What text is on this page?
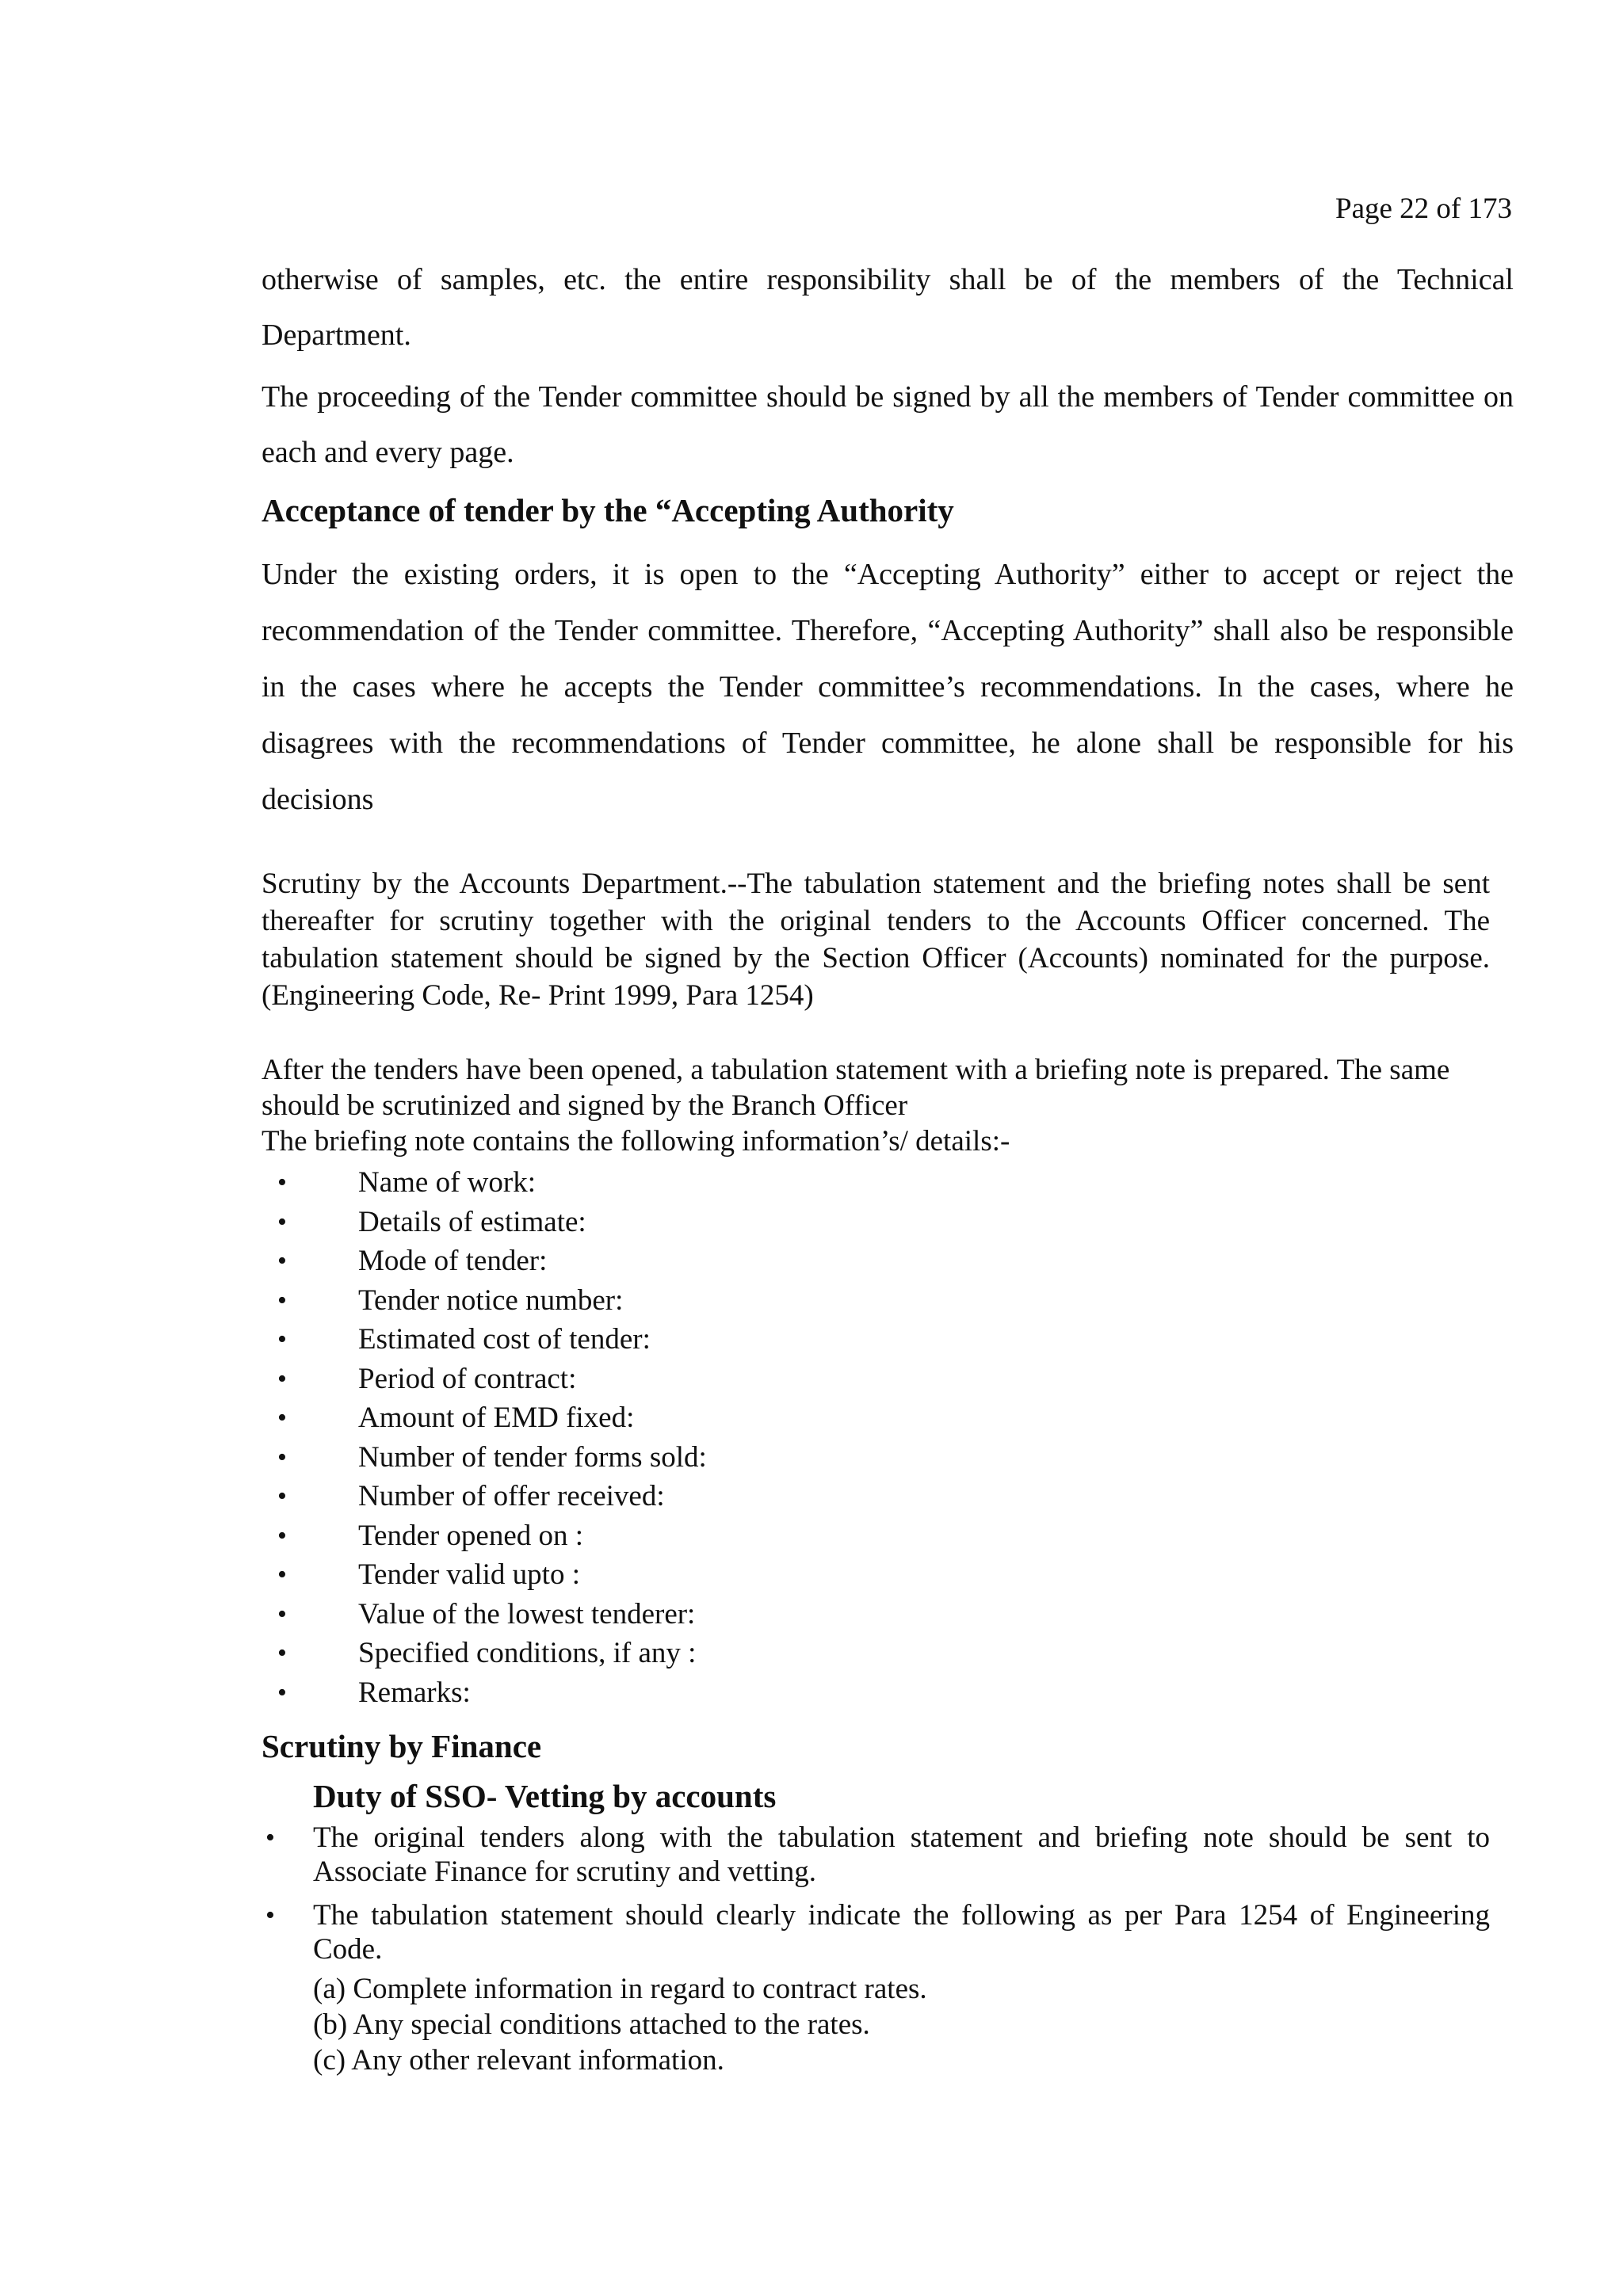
Page 22 of 173

otherwise of samples, etc. the entire responsibility shall be of the members of the Technical Department.

The proceeding of the Tender committee should be signed by all the members of Tender committee on each and every page.

Acceptance of tender by the “Accepting Authority

Under the existing orders, it is open to the “Accepting Authority” either to accept or reject the recommendation of the Tender committee. Therefore, “Accepting Authority” shall also be responsible in the cases where he accepts the Tender committee’s recommendations. In the cases, where he disagrees with the recommendations of Tender committee, he alone shall be responsible for his decisions

Scrutiny by the Accounts Department.--The tabulation statement and the briefing notes shall be sent thereafter for scrutiny together with the original tenders to the Accounts Officer concerned. The tabulation statement should be signed by the Section Officer (Accounts) nominated for the purpose. (Engineering Code, Re- Print 1999, Para 1254)

After the tenders have been opened, a tabulation statement with a briefing note is prepared. The same should be scrutinized and signed by the Branch Officer

The briefing note contains the following information’s/ details:-

• Name of work:
• Details of estimate:
• Mode of tender:
• Tender notice number:
• Estimated cost of tender:
• Period of contract:
• Amount of EMD fixed:
• Number of tender forms sold:
• Number of offer received:
• Tender opened on :
• Tender valid upto :
• Value of the lowest tenderer:
• Specified conditions, if any :
• Remarks:
Scrutiny by Finance
Duty of SSO- Vetting by accounts
• The original tenders along with the tabulation statement and briefing note should be sent to Associate Finance for scrutiny and vetting.
• The tabulation statement should clearly indicate the following as per Para 1254 of Engineering Code.
(a) Complete information in regard to contract rates.
(b) Any special conditions attached to the rates.
(c) Any other relevant information.
